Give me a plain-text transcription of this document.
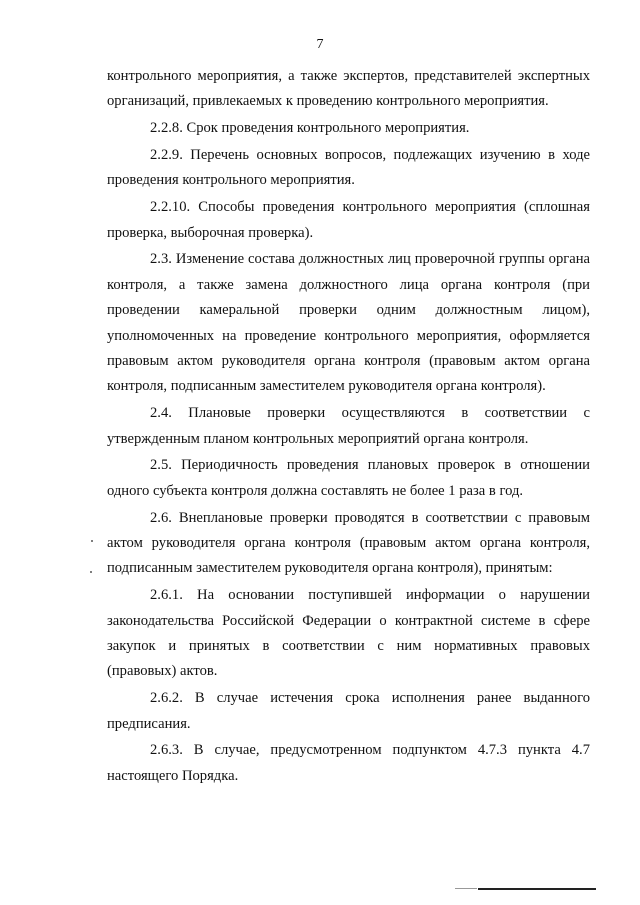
7

контрольного мероприятия, а также экспертов, представителей экспертных организаций, привлекаемых к проведению контрольного мероприятия.

2.2.8. Срок проведения контрольного мероприятия.

2.2.9. Перечень основных вопросов, подлежащих изучению в ходе проведения контрольного мероприятия.

2.2.10. Способы проведения контрольного мероприятия (сплошная проверка, выборочная проверка).

2.3. Изменение состава должностных лиц проверочной группы органа контроля, а также замена должностного лица органа контроля (при проведении камеральной проверки одним должностным лицом), уполномоченных на проведение контрольного мероприятия, оформляется правовым актом руководителя органа контроля (правовым актом органа контроля, подписанным заместителем руководителя органа контроля).

2.4. Плановые проверки осуществляются в соответствии с утвержденным планом контрольных мероприятий органа контроля.

2.5. Периодичность проведения плановых проверок в отношении одного субъекта контроля должна составлять не более 1 раза в год.

2.6. Внеплановые проверки проводятся в соответствии с правовым актом руководителя органа контроля (правовым актом органа контроля, подписанным заместителем руководителя органа контроля), принятым:

2.6.1. На основании поступившей информации о нарушении законодательства Российской Федерации о контрактной системе в сфере закупок и принятых в соответствии с ним нормативных правовых (правовых) актов.

2.6.2. В случае истечения срока исполнения ранее выданного предписания.

2.6.3. В случае, предусмотренном подпунктом 4.7.3 пункта 4.7 настоящего Порядка.
